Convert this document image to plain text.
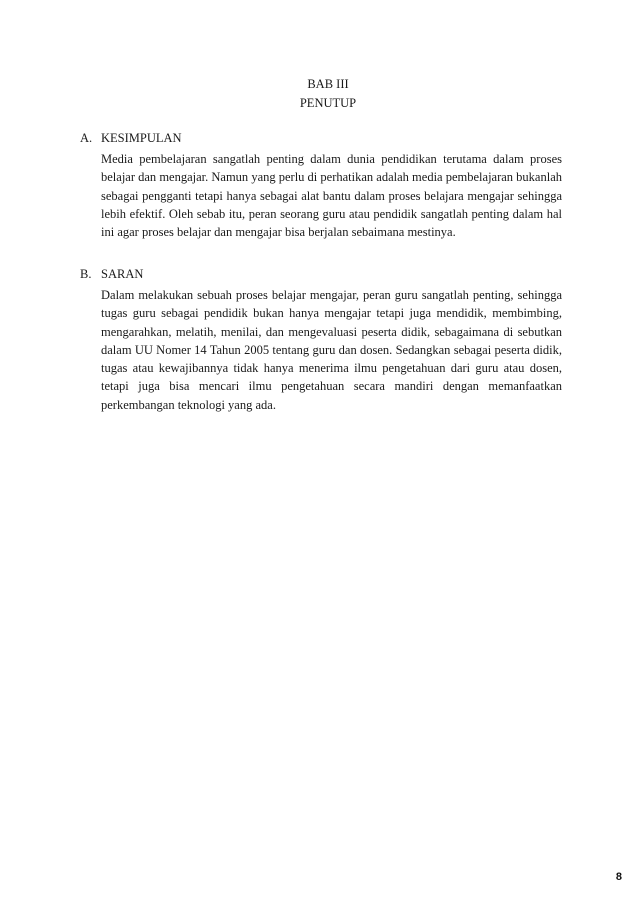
BAB III
PENUTUP
A. KESIMPULAN
Media pembelajaran sangatlah penting dalam dunia pendidikan terutama dalam proses belajar dan mengajar. Namun yang perlu di perhatikan adalah media pembelajaran bukanlah sebagai pengganti tetapi hanya sebagai alat bantu dalam proses belajara mengajar sehingga lebih efektif. Oleh sebab itu, peran seorang guru atau pendidik sangatlah penting dalam hal ini agar proses belajar dan mengajar bisa berjalan sebaimana mestinya.
B. SARAN
Dalam melakukan sebuah proses belajar mengajar, peran guru sangatlah penting, sehingga tugas guru sebagai pendidik bukan hanya mengajar tetapi juga mendidik, membimbing, mengarahkan, melatih, menilai, dan mengevaluasi peserta didik, sebagaimana di sebutkan dalam UU Nomer 14 Tahun 2005 tentang guru dan dosen. Sedangkan sebagai peserta didik, tugas atau kewajibannya tidak hanya menerima ilmu pengetahuan dari guru atau dosen, tetapi juga bisa mencari ilmu pengetahuan secara mandiri dengan memanfaatkan perkembangan teknologi yang ada.
8
